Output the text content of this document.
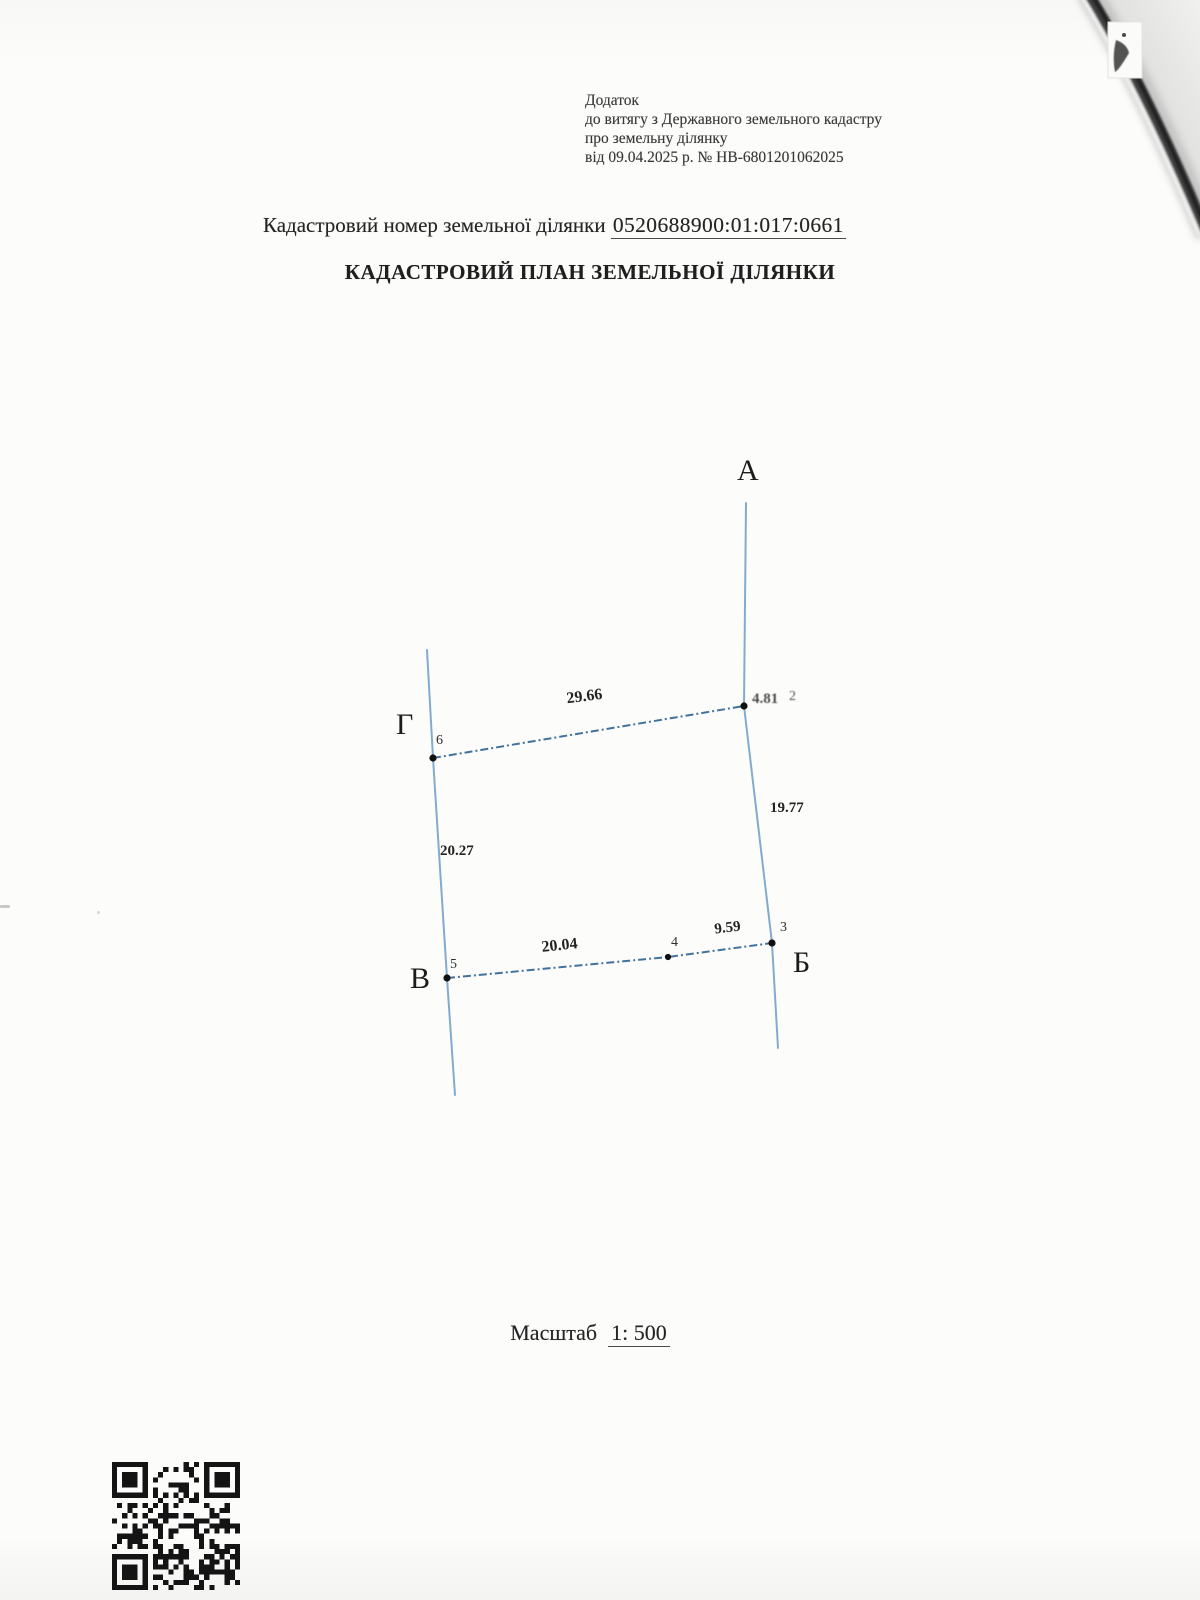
Додаток
до витягу з Державного земельного кадастру
про земельну ділянку
від 09.04.2025 р. № НВ-6801201062025
Кадастровий номер земельної ділянки 0520688900:01:017:0661
КАДАСТРОВИЙ ПЛАН ЗЕМЕЛЬНОЇ ДІЛЯНКИ
А
Г
Б
В
6
5
4
3
2
29.66	4.81
19.77
20.27
20.04
9.59
Масштаб 1: 500
